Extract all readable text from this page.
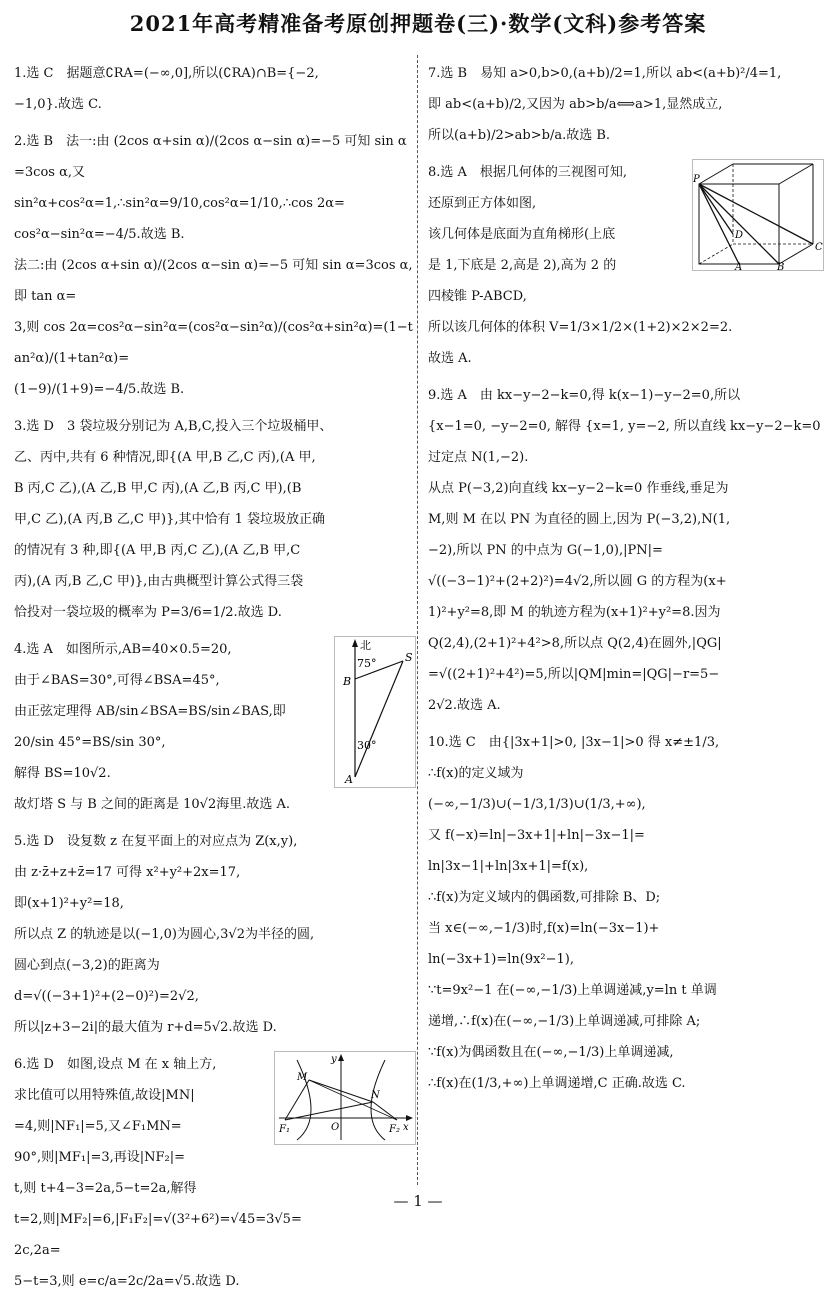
2021年高考精准备考原创押题卷(三)·数学(文科)参考答案

1.选 C　据题意∁RA=(−∞,0],所以(∁RA)∩B={−2,

−1,0}.故选 C.

2.选 B　法一:由 (2cos α+sin α)/(2cos α−sin α)=−5 可知 sin α=3cos α,又

sin²α+cos²α=1,∴sin²α=9/10,cos²α=1/10,∴cos 2α=

cos²α−sin²α=−4/5.故选 B.

法二:由 (2cos α+sin α)/(2cos α−sin α)=−5 可知 sin α=3cos α,即 tan α=

3,则 cos 2α=cos²α−sin²α=(cos²α−sin²α)/(cos²α+sin²α)=(1−tan²α)/(1+tan²α)=

(1−9)/(1+9)=−4/5.故选 B.

3.选 D　3 袋垃圾分别记为 A,B,C,投入三个垃圾桶甲、

乙、丙中,共有 6 种情况,即{(A 甲,B 乙,C 丙),(A 甲,

B 丙,C 乙),(A 乙,B 甲,C 丙),(A 乙,B 丙,C 甲),(B

甲,C 乙),(A 丙,B 乙,C 甲)},其中恰有 1 袋垃圾放正确

的情况有 3 种,即{(A 甲,B 丙,C 乙),(A 乙,B 甲,C

丙),(A 丙,B 乙,C 甲)},由古典概型计算公式得三袋

恰投对一袋垃圾的概率为 P=3/6=1/2.故选 D.

北
75°
30°
A
B
S

4.选 A　如图所示,AB=40×0.5=20,

由于∠BAS=30°,可得∠BSA=45°,

由正弦定理得 AB/sin∠BSA=BS/sin∠BAS,即

20/sin 45°=BS/sin 30°,

解得 BS=10√2.

故灯塔 S 与 B 之间的距离是 10√2海里.故选 A.

5.选 D　设复数 z 在复平面上的对应点为 Z(x,y),

由 z·z̄+z+z̄=17 可得 x²+y²+2x=17,

即(x+1)²+y²=18,

所以点 Z 的轨迹是以(−1,0)为圆心,3√2为半径的圆,

圆心到点(−3,2)的距离为

d=√((−3+1)²+(2−0)²)=2√2,

所以|z+3−2i|的最大值为 r+d=5√2.故选 D.

y
x
O
M
N
F₁	F₂

6.选 D　如图,设点 M 在 x 轴上方,

求比值可以用特殊值,故设|MN|

=4,则|NF₁|=5,又∠F₁MN=

90°,则|MF₁|=3,再设|NF₂|=

t,则 t+4−3=2a,5−t=2a,解得

t=2,则|MF₂|=6,|F₁F₂|=√(3²+6²)=√45=3√5=

2c,2a=

5−t=3,则 e=c/a=2c/2a=√5.故选 D.

7.选 B　易知 a>0,b>0,(a+b)/2=1,所以 ab<(a+b)²/4=1,

即 ab<(a+b)/2,又因为 ab>b/a⟺a>1,显然成立,

所以(a+b)/2>ab>b/a.故选 B.

P
D
A	B
C

8.选 A　根据几何体的三视图可知,

还原到正方体如图,

该几何体是底面为直角梯形(上底

是 1,下底是 2,高是 2),高为 2 的

四棱锥 P-ABCD,

所以该几何体的体积 V=1/3×1/2×(1+2)×2×2=2.

故选 A.

9.选 A　由 kx−y−2−k=0,得 k(x−1)−y−2=0,所以

{x−1=0, −y−2=0, 解得 {x=1, y=−2, 所以直线 kx−y−2−k=0

过定点 N(1,−2).

从点 P(−3,2)向直线 kx−y−2−k=0 作垂线,垂足为

M,则 M 在以 PN 为直径的圆上,因为 P(−3,2),N(1,

−2),所以 PN 的中点为 G(−1,0),|PN|=

√((−3−1)²+(2+2)²)=4√2,所以圆 G 的方程为(x+

1)²+y²=8,即 M 的轨迹方程为(x+1)²+y²=8.因为

Q(2,4),(2+1)²+4²>8,所以点 Q(2,4)在圆外,|QG|

=√((2+1)²+4²)=5,所以|QM|min=|QG|−r=5−

2√2.故选 A.

10.选 C　由{|3x+1|>0, |3x−1|>0 得 x≠±1/3,

∴f(x)的定义域为

(−∞,−1/3)∪(−1/3,1/3)∪(1/3,+∞),

又 f(−x)=ln|−3x+1|+ln|−3x−1|=

ln|3x−1|+ln|3x+1|=f(x),

∴f(x)为定义域内的偶函数,可排除 B、D;

当 x∈(−∞,−1/3)时,f(x)=ln(−3x−1)+

ln(−3x+1)=ln(9x²−1),

∵t=9x²−1 在(−∞,−1/3)上单调递减,y=ln t 单调

递增,∴f(x)在(−∞,−1/3)上单调递减,可排除 A;

∵f(x)为偶函数且在(−∞,−1/3)上单调递减,

∴f(x)在(1/3,+∞)上单调递增,C 正确.故选 C.

— 1 —
